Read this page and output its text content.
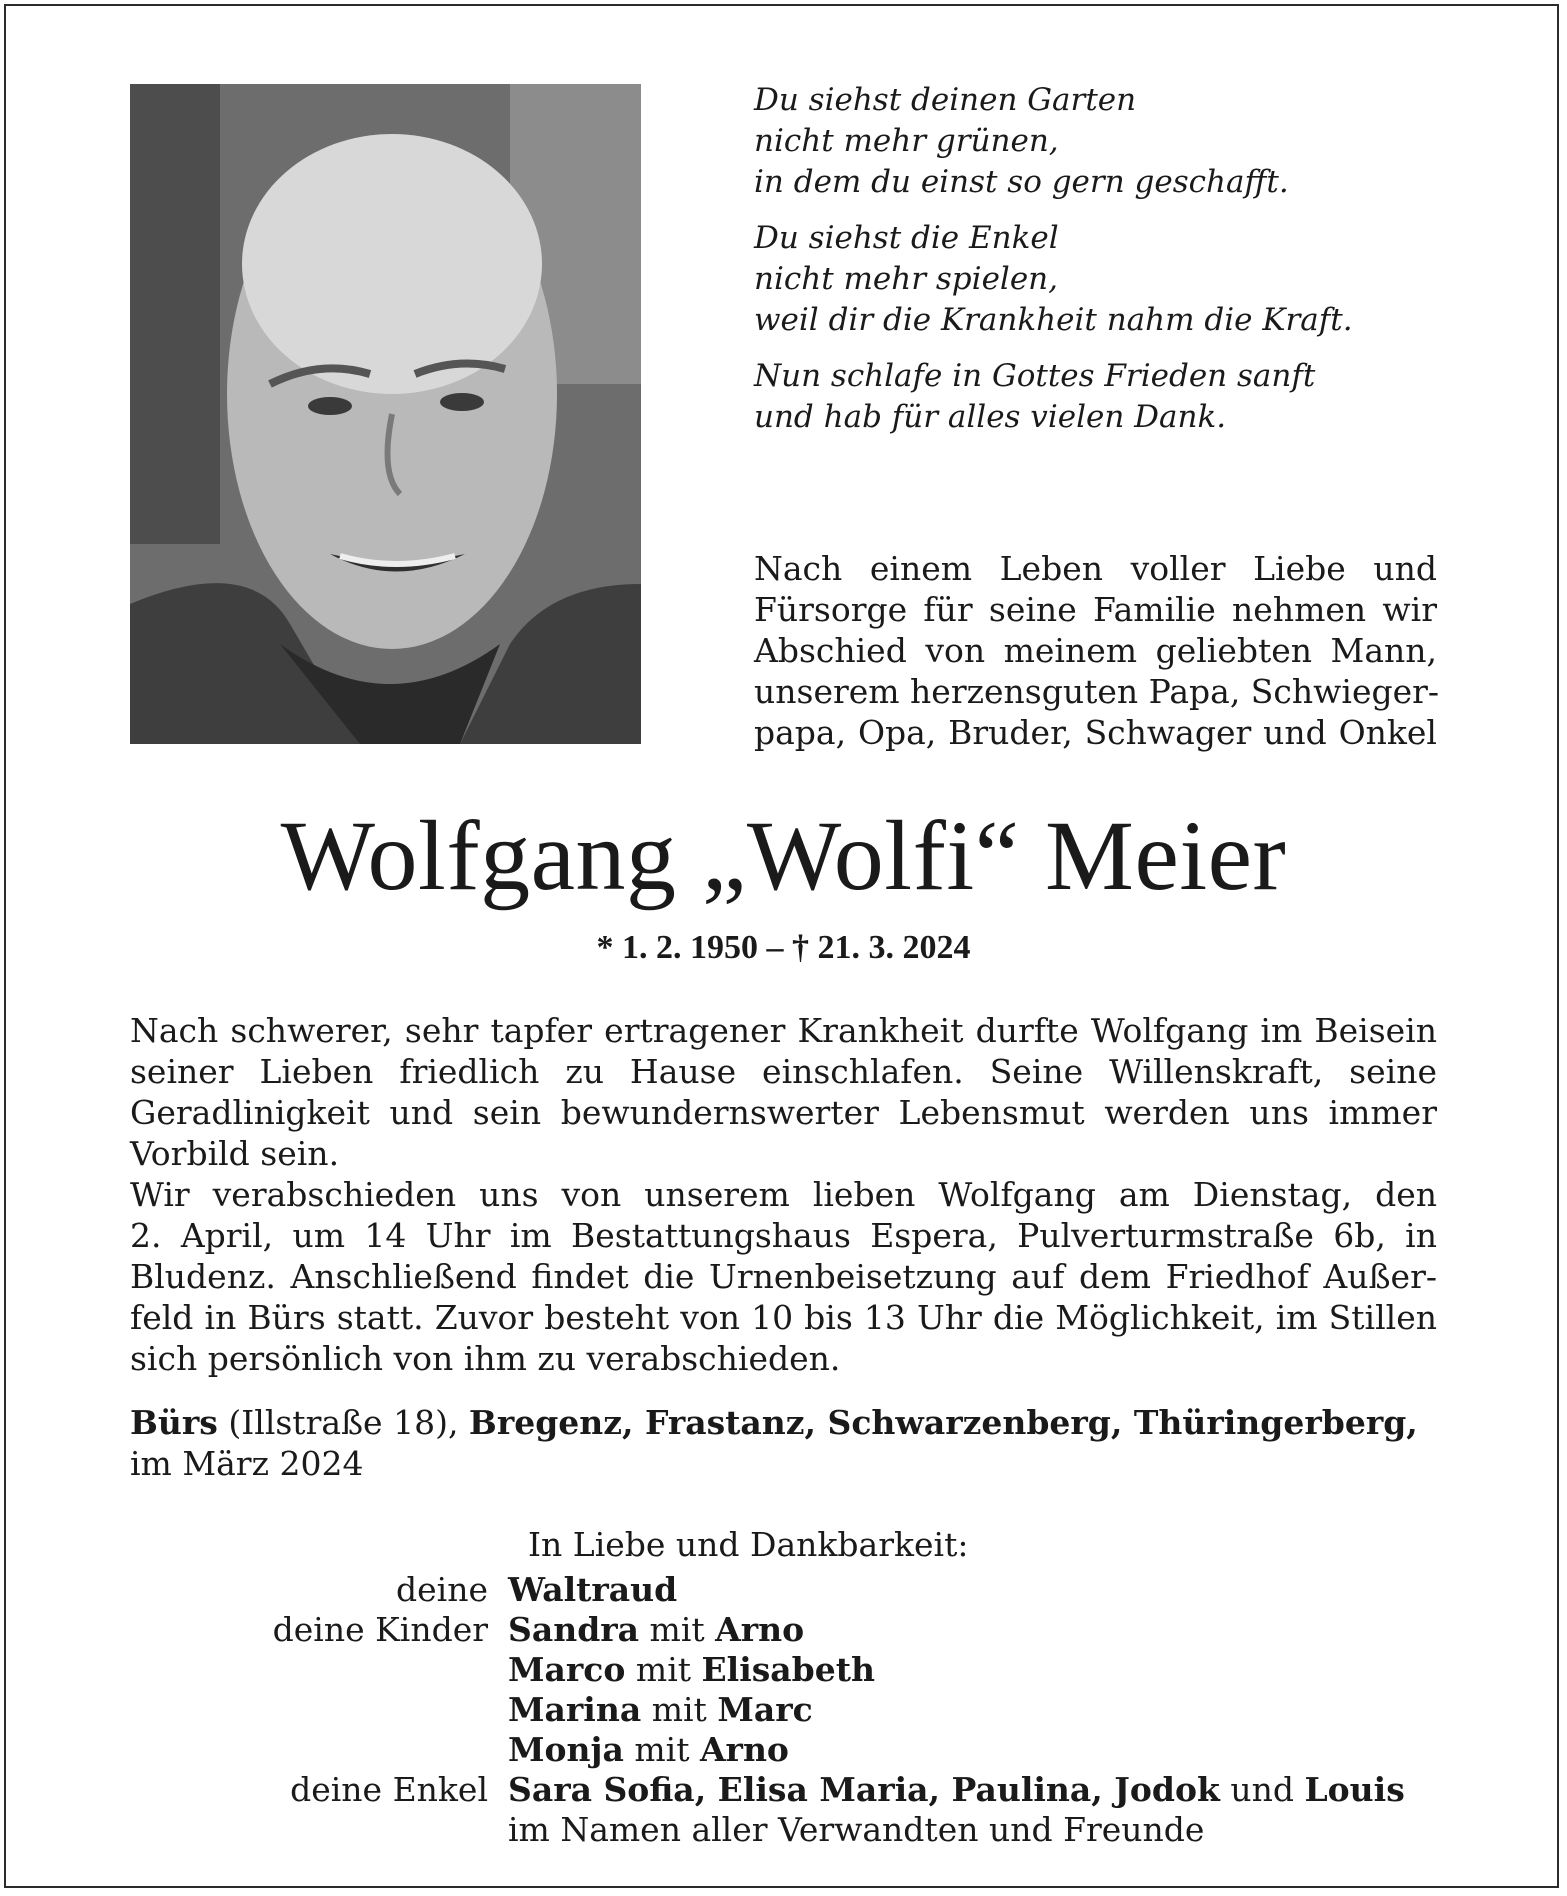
Du siehst deinen Garten
nicht mehr grünen,
in dem du einst so gern geschafft.
Du siehst die Enkel
nicht mehr spielen,
weil dir die Krankheit nahm die Kraft.
Nun schlafe in Gottes Frieden sanft
und hab für alles vielen Dank.
Nach einem Leben voller Liebe und
Fürsorge für seine Familie nehmen wir
Abschied von meinem geliebten Mann,
unserem herzensguten Papa, Schwieger-
papa, Opa, Bruder, Schwager und Onkel
Wolfgang „Wolfi“ Meier
* 1. 2. 1950 – † 21. 3. 2024
Nach schwerer, sehr tapfer ertragener Krankheit durfte Wolfgang im Beisein
seiner Lieben friedlich zu Hause einschlafen. Seine Willenskraft, seine
Geradlinigkeit und sein bewundernswerter Lebensmut werden uns immer
Vorbild sein.
Wir verabschieden uns von unserem lieben Wolfgang am Dienstag, den
2. April, um 14 Uhr im Bestattungshaus Espera, Pulverturmstraße 6b, in
Bludenz. Anschließend findet die Urnenbeisetzung auf dem Friedhof Außer-
feld in Bürs statt. Zuvor besteht von 10 bis 13 Uhr die Möglichkeit, im Stillen
sich persönlich von ihm zu verabschieden.
Bürs (Illstraße 18), Bregenz, Frastanz, Schwarzenberg, Thüringerberg,
im März 2024
In Liebe und Dankbarkeit:
deine Waltraud
deine Kinder Sandra mit Arno
Marco mit Elisabeth
Marina mit Marc
Monja mit Arno
deine Enkel Sara Sofia, Elisa Maria, Paulina, Jodok und Louis
im Namen aller Verwandten und Freunde
